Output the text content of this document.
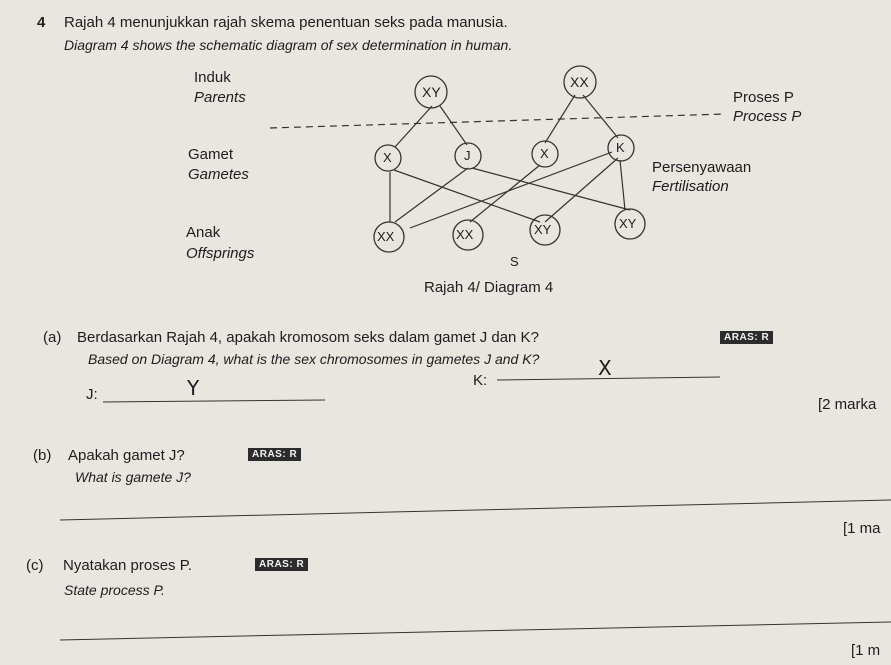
4 Rajah 4 menunjukkan rajah skema penentuan seks pada manusia.
Diagram 4 shows the schematic diagram of sex determination in human.
Induk
Parents
Gamet
Gametes
Anak
Offsprings
Proses P
Process P
Persenyawaan
Fertilisation
XY
XX
X	J	X	K
XX	XX	XY	XY
S
Rajah 4/ Diagram 4
(a) Berdasarkan Rajah 4, apakah kromosom seks dalam gamet J dan K?	ARAS: R
Based on Diagram 4, what is the sex chromosomes in gametes J and K?
J:	Y	K:
X
[2 marka
(b) Apakah gamet J?	ARAS: R
What is gamete J?
[1 ma
(c) Nyatakan proses P.	ARAS: R
State process P.
[1 m
